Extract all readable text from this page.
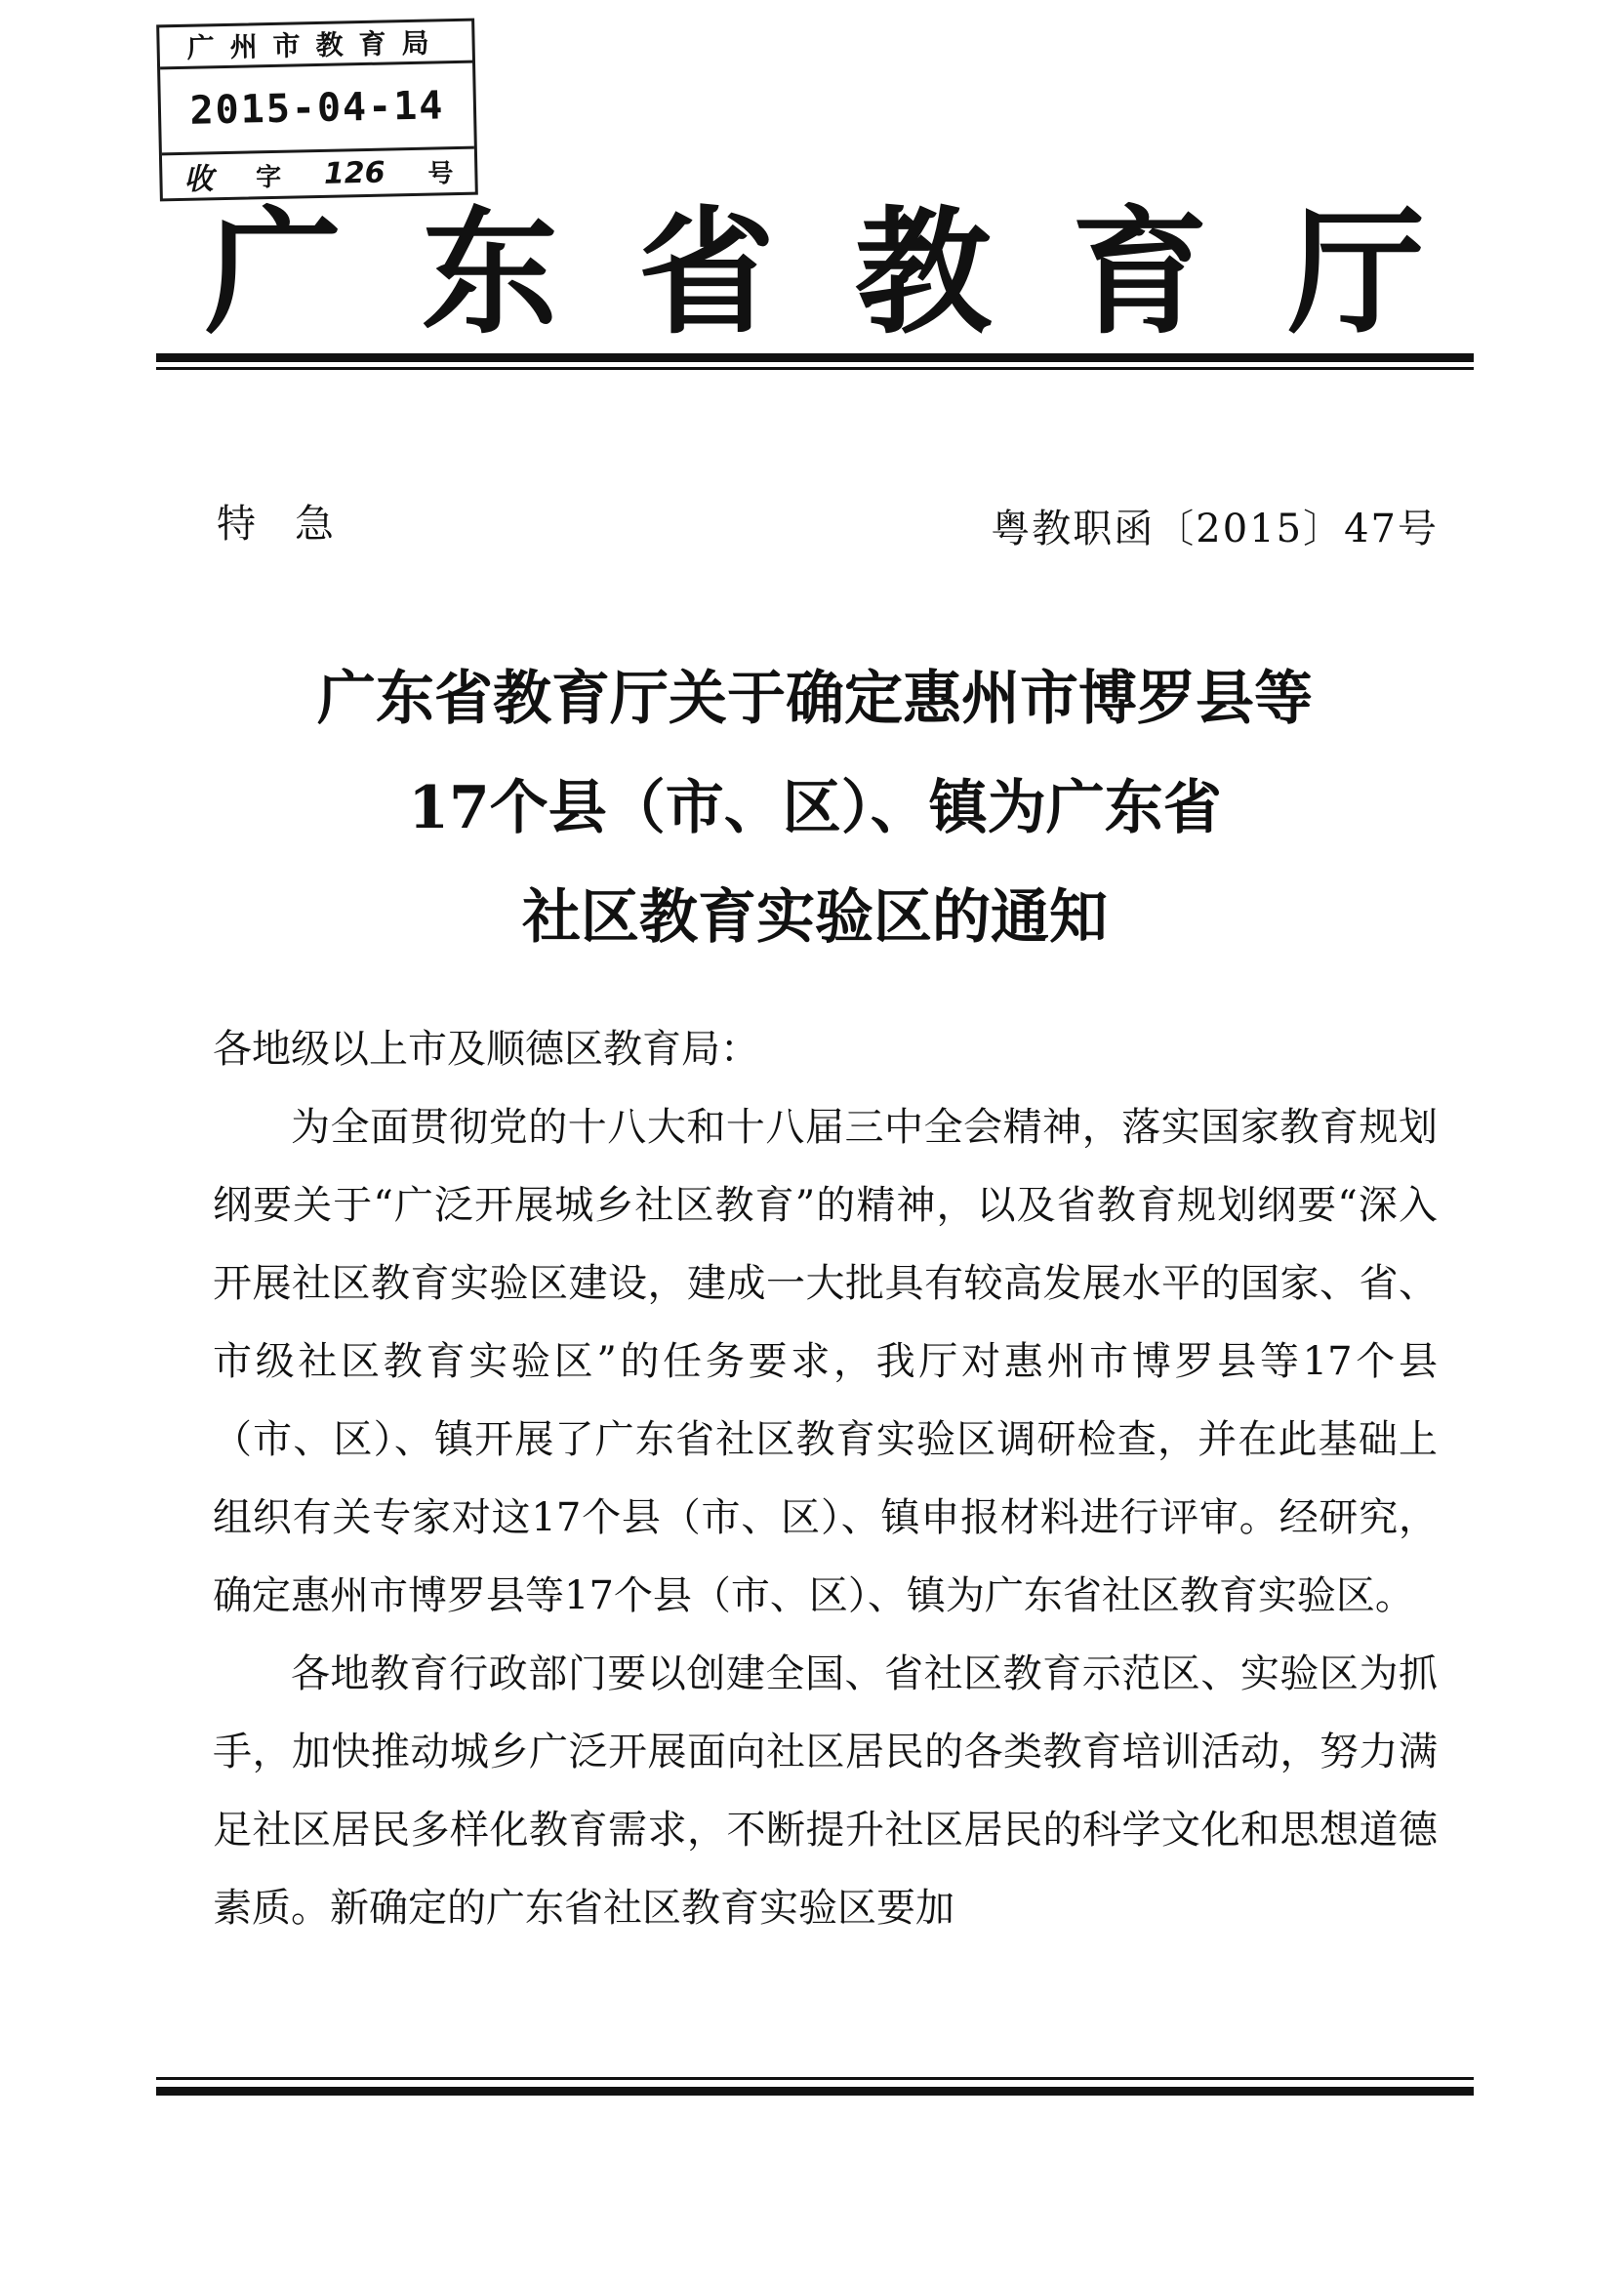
广州市教育局
2015-04-14
收 字 126 号
广 东 省 教 育 厅
特急	粤教职函〔2015〕47号
广东省教育厅关于确定惠州市博罗县等
17个县（市、区）、镇为广东省
社区教育实验区的通知

各地级以上市及顺德区教育局：

为全面贯彻党的十八大和十八届三中全会精神，落实国家教育规划纲要关于“广泛开展城乡社区教育”的精神，以及省教育规划纲要“深入开展社区教育实验区建设，建成一大批具有较高发展水平的国家、省、市级社区教育实验区”的任务要求，我厅对惠州市博罗县等17个县（市、区）、镇开展了广东省社区教育实验区调研检查，并在此基础上组织有关专家对这17个县（市、区）、镇申报材料进行评审。经研究，确定惠州市博罗县等17个县（市、区）、镇为广东省社区教育实验区。

各地教育行政部门要以创建全国、省社区教育示范区、实验区为抓手，加快推动城乡广泛开展面向社区居民的各类教育培训活动，努力满足社区居民多样化教育需求，不断提升社区居民的科学文化和思想道德素质。新确定的广东省社区教育实验区要加
